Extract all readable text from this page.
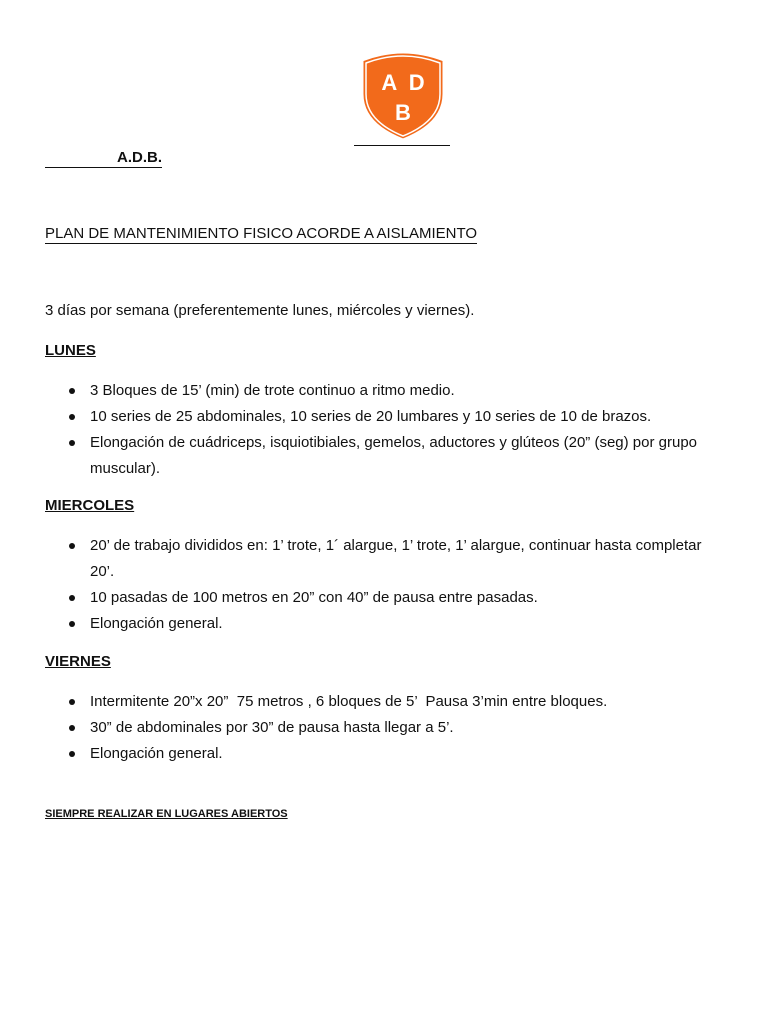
A  D
B
A.D.B.
PLAN DE MANTENIMIENTO FISICO ACORDE A AISLAMIENTO
3 días por semana (preferentemente lunes, miércoles y viernes).
LUNES
3 Bloques de 15’ (min) de trote continuo a ritmo medio.
10 series de 25 abdominales, 10 series de 20 lumbares y 10 series de 10 de brazos.
Elongación de cuádriceps, isquiotibiales, gemelos, aductores y glúteos (20” (seg) por grupo muscular).
MIERCOLES
20’ de trabajo divididos en: 1’ trote, 1´ alargue, 1’ trote, 1’ alargue, continuar hasta completar 20’.
10 pasadas de 100 metros en 20” con 40” de pausa entre pasadas.
Elongación general.
VIERNES
Intermitente 20”x 20”  75 metros , 6 bloques de 5’  Pausa 3’min entre bloques.
30” de abdominales por 30” de pausa hasta llegar a 5’.
Elongación general.
SIEMPRE REALIZAR EN LUGARES ABIERTOS
